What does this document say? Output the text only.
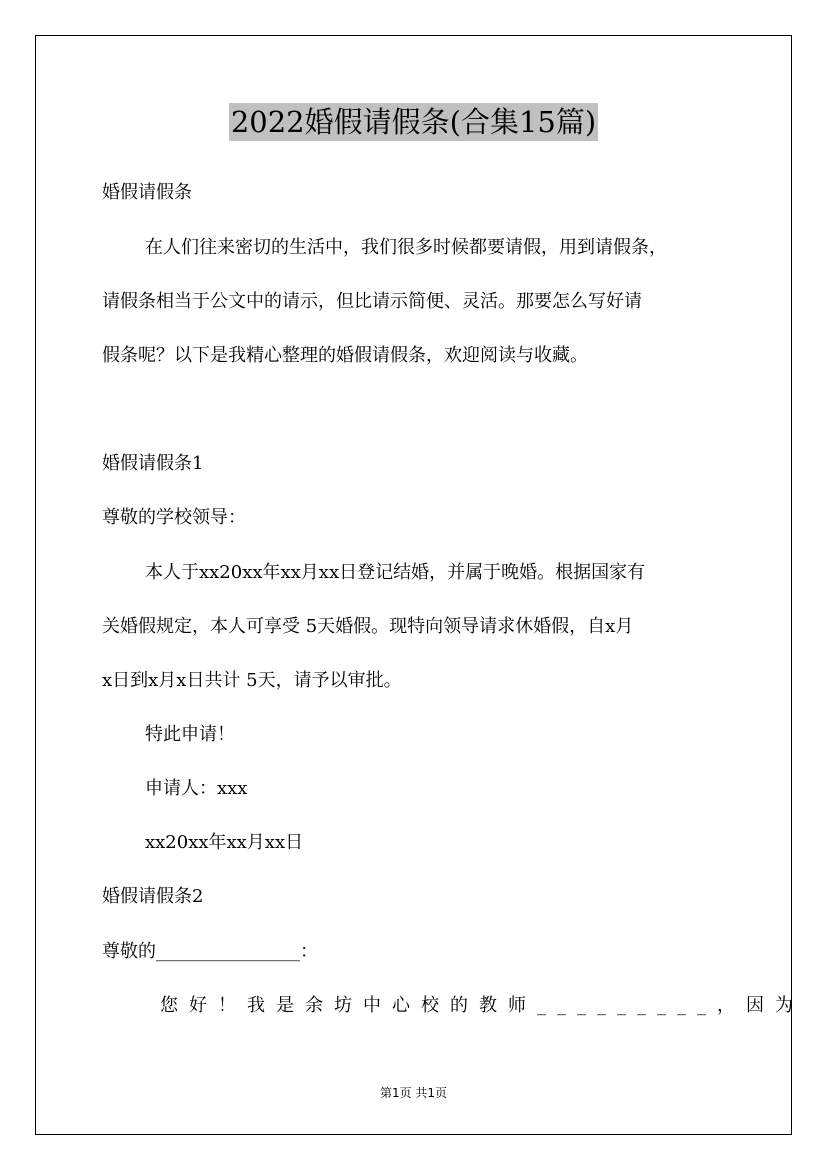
2022婚假请假条(合集15篇)
婚假请假条
在人们往来密切的生活中，我们很多时候都要请假，用到请假条，
请假条相当于公文中的请示，但比请示简便、灵活。那要怎么写好请
假条呢？以下是我精心整理的婚假请假条，欢迎阅读与收藏。
婚假请假条1
尊敬的学校领导：
本人于xx20xx年xx月xx日登记结婚，并属于晚婚。根据国家有
关婚假规定，本人可享受 5天婚假。现特向领导请求休婚假，自x月
x日到x月x日共计 5天，请予以审批。
特此申请！
申请人：xxx
xx20xx年xx月xx日
婚假请假条2
尊敬的________________：
您好！我是余坊中心校的教师_________，因为
第1页 共1页
